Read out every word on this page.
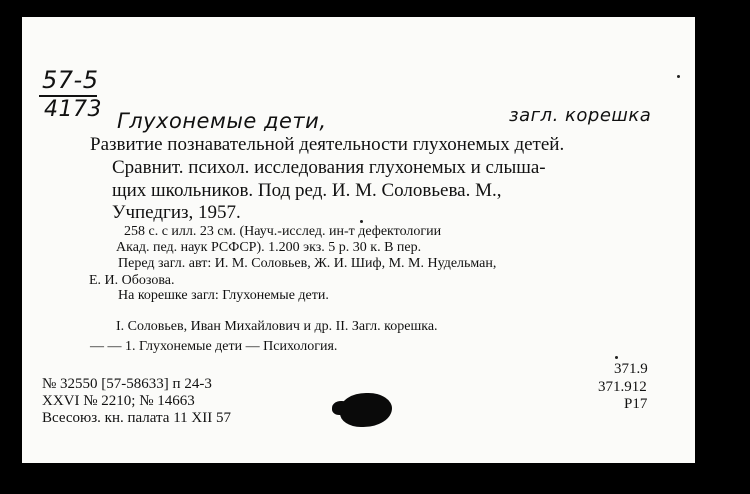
57-5
4173 Глухонемые дети,	загл. корешка
Развитие познавательной деятельности глухонемых детей.
Сравнит. психол. исследования глухонемых и слыша-
щих школьников. Под ред. И. М. Соловьева. М.,
Учпедгиз, 1957.
258 с. с илл. 23 см. (Науч.-исслед. ин-т дефектологии
Акад. пед. наук РСФСР). 1.200 экз. 5 р. 30 к. В пер.
Перед загл. авт: И. М. Соловьев, Ж. И. Шиф, М. М. Нудельман,
Е. И. Обозова.
На корешке загл: Глухонемые дети.
I. Соловьев, Иван Михайлович и др. II. Загл. корешка.
— — 1. Глухонемые дети — Психология.
№ 32550 [57-58633] п 24-3
XXVI № 2210; № 14663
Всесоюз. кн. палата 11 XII 57
371.9
371.912
P17
